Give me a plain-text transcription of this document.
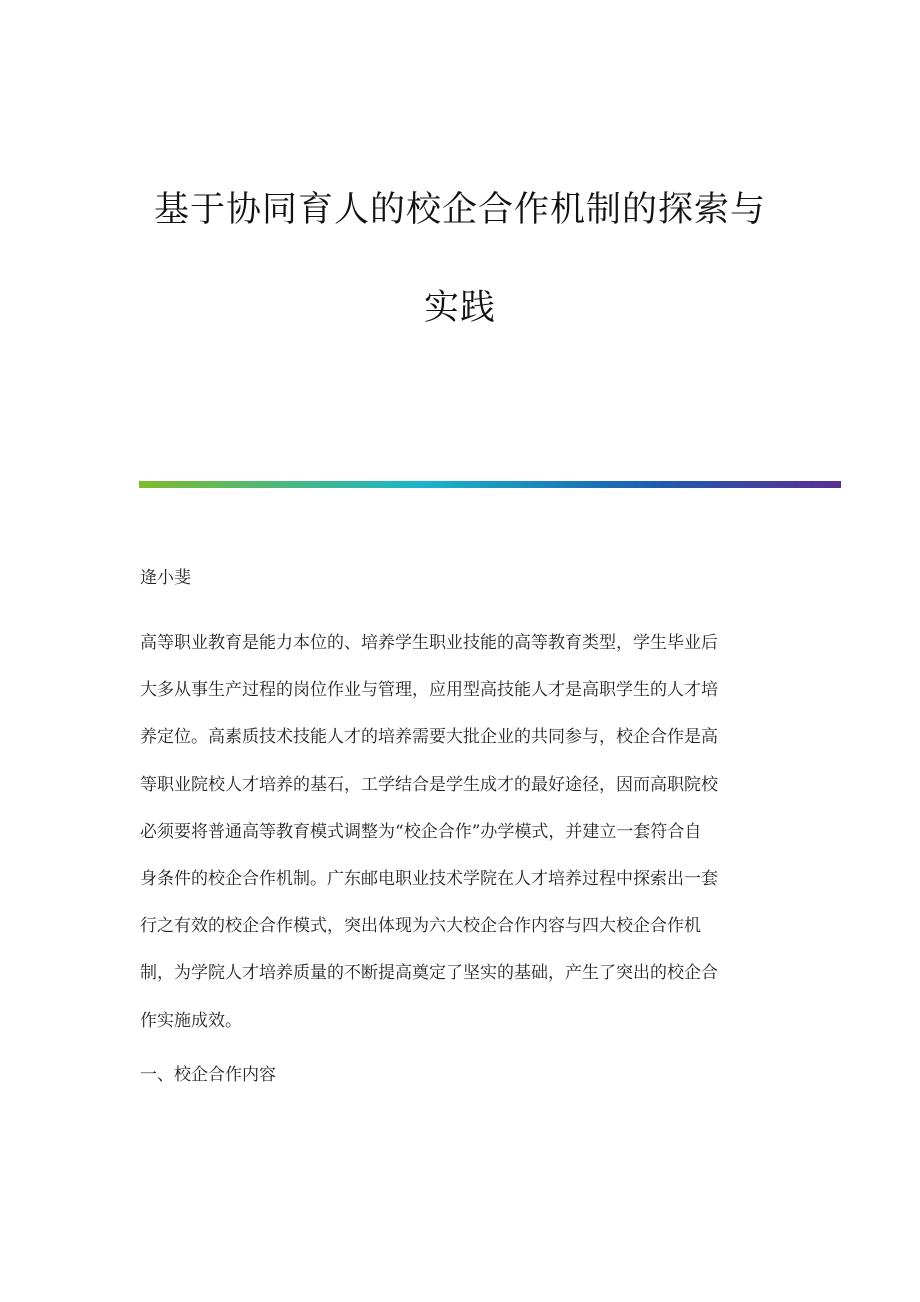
基于协同育人的校企合作机制的探索与
实践
逄小斐
高等职业教育是能力本位的、培养学生职业技能的高等教育类型，学生毕业后
大多从事生产过程的岗位作业与管理，应用型高技能人才是高职学生的人才培
养定位。高素质技术技能人才的培养需要大批企业的共同参与，校企合作是高
等职业院校人才培养的基石，工学结合是学生成才的最好途径，因而高职院校
必须要将普通高等教育模式调整为“校企合作”办学模式，并建立一套符合自
身条件的校企合作机制。广东邮电职业技术学院在人才培养过程中探索出一套
行之有效的校企合作模式，突出体现为六大校企合作内容与四大校企合作机
制，为学院人才培养质量的不断提高奠定了坚实的基础，产生了突出的校企合
作实施成效。
一、校企合作内容
